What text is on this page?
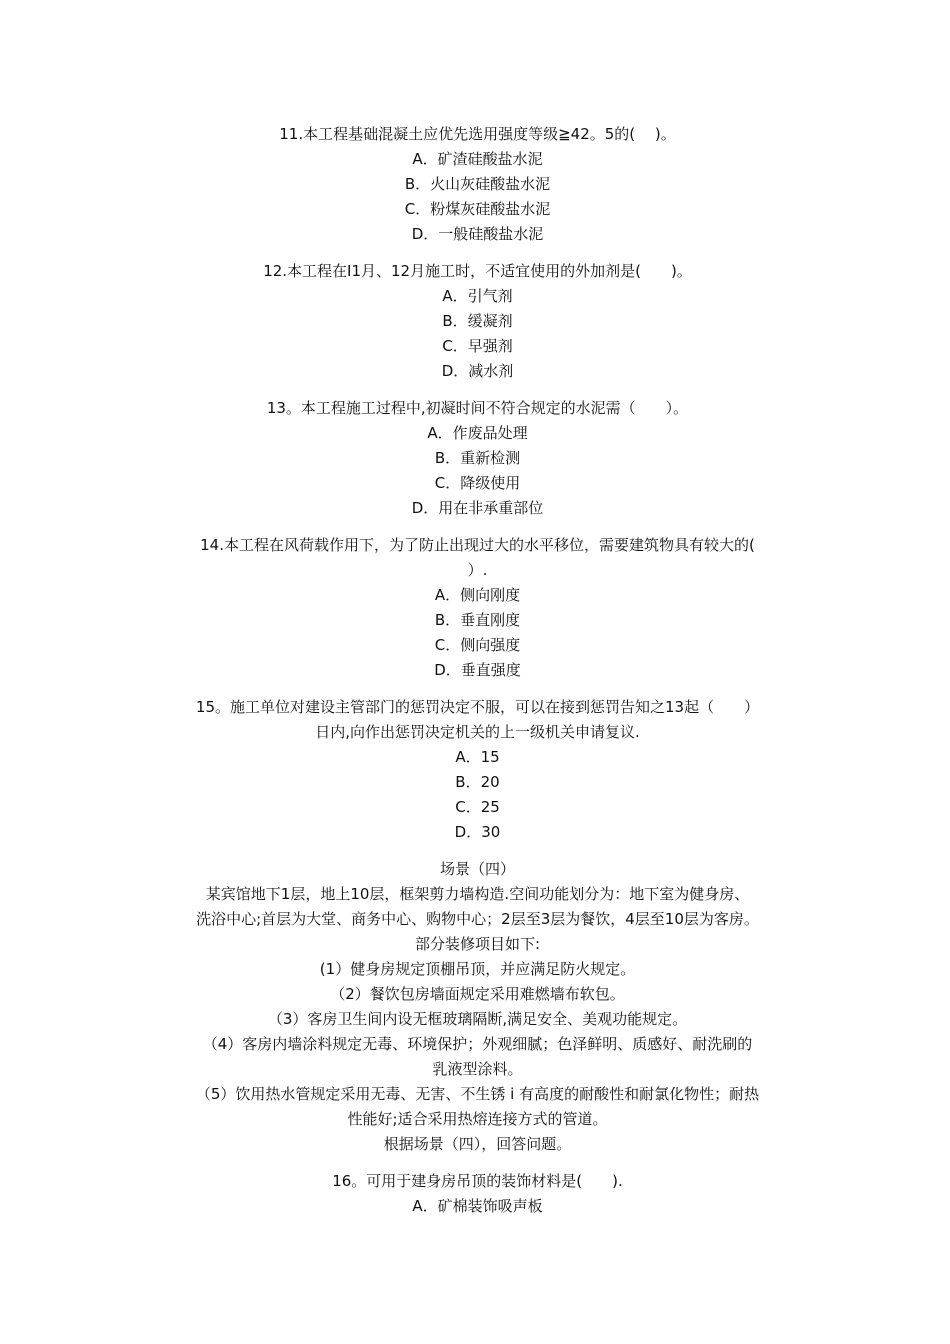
11.本工程基础混凝土应优先选用强度等级≧42。5的(　 )。

A．矿渣硅酸盐水泥

B．火山灰硅酸盐水泥

C．粉煤灰硅酸盐水泥

D．一般硅酸盐水泥

12.本工程在I1月、12月施工时，不适宜使用的外加剂是(　　)。

A．引气剂

B．缓凝剂

C．早强剂

D．减水剂

13。本工程施工过程中,初凝时间不符合规定的水泥需（　　）。

A．作废品处理

B．重新检测

C．降级使用

D．用在非承重部位

14.本工程在风荷载作用下，为了防止出现过大的水平移位，需要建筑物具有较大的(

）.

A．侧向刚度

B．垂直刚度

C．侧向强度

D．垂直强度

15。施工单位对建设主管部门的惩罚决定不服，可以在接到惩罚告知之13起（　　）

日内,向作出惩罚决定机关的上一级机关申请复议.

A．15

B．20

C．25

D．30

场景（四）

某宾馆地下1层，地上10层，框架剪力墙构造.空间功能划分为：地下室为健身房、

洗浴中心;首层为大堂、商务中心、购物中心；2层至3层为餐饮，4层至10层为客房。

部分装修项目如下:

(1）健身房规定顶棚吊顶，并应满足防火规定。

（2）餐饮包房墙面规定采用难燃墙布软包。

（3）客房卫生间内设无框玻璃隔断,满足安全、美观功能规定。

（4）客房内墙涂料规定无毒、环境保护；外观细腻；色泽鲜明、质感好、耐洗刷的

乳液型涂料。

（5）饮用热水管规定采用无毒、无害、不生锈 i 有高度的耐酸性和耐氯化物性；耐热

性能好;适合采用热熔连接方式的管道。

根据场景（四），回答问题。

16。可用于建身房吊顶的装饰材料是(　　).

A．矿棉装饰吸声板
